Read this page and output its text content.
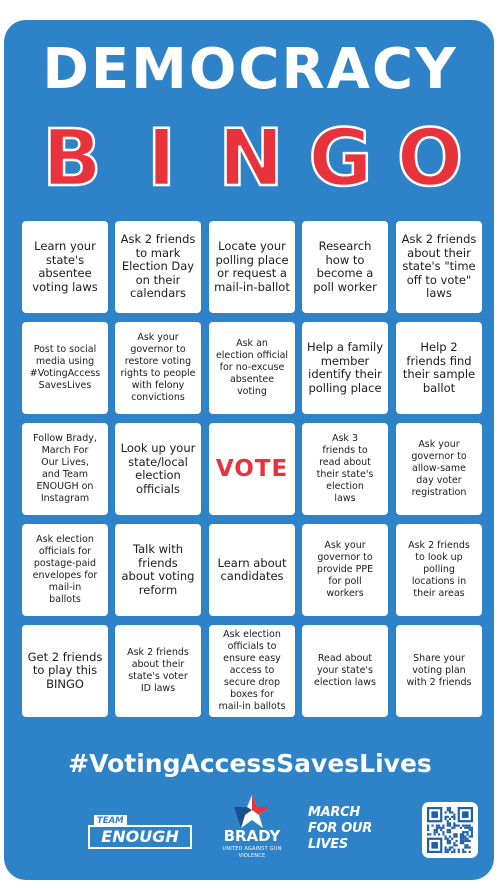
DEMOCRACY
B I N G O
Learn your
state's
absentee
voting laws
Ask 2 friends
to mark
Election Day
on their
calendars
Locate your
polling place
or request a
mail-in-ballot
Research
how to
become a
poll worker
Ask 2 friends
about their
state's "time
off to vote"
laws
Post to social
media using
#VotingAccess
SavesLives
Ask your
governor to
restore voting
rights to people
with felony
convictions
Ask an
election official
for no-excuse
absentee
voting
Help a family
member
identify their
polling place
Help 2
friends find
their sample
ballot
Follow Brady,
March For
Our Lives,
and Team
ENOUGH on
Instagram
Look up your
state/local
election
officials
VOTE
Ask 3
friends to
read about
their state's
election
laws
Ask your
governor to
allow-same
day voter
registration
Ask election
officials for
postage-paid
envelopes for
mail-in
ballots
Talk with
friends
about voting
reform
Learn about
candidates
Ask your
governor to
provide PPE
for poll
workers
Ask 2 friends
to look up
polling
locations in
their areas
Get 2 friends
to play this
BINGO
Ask 2 friends
about their
state's voter
ID laws
Ask election
officials to
ensure easy
access to
secure drop
boxes for
mail-in ballots
Read about
your state's
election laws
Share your
voting plan
with 2 friends
#VotingAccessSavesLives
ENOUGH
TEAM
BRADY
UNITED AGAINST GUN VIOLENCE
MARCH
FOR OUR
LIVES
